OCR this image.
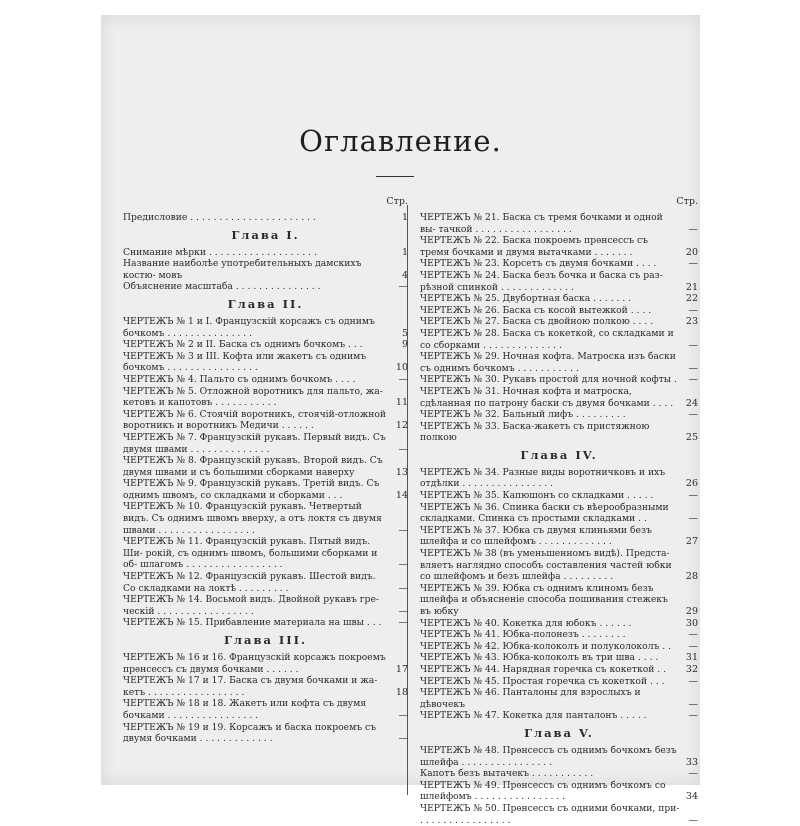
Оглавление.
Стр.
Предисловие . . . . . . . . . . . . . . . . . . . . . .	1
Глава I.
Снимание мѣрки . . . . . . . . . . . . . . . . . . .	1
Название наиболѣе употребительныхъ дамскихъ костю- мовъ	4
Объяснение масштаба . . . . . . . . . . . . . . .	—
Глава II.
ЧЕРТЕЖЪ № 1 и I. Французскій корсажъ съ однимъ бочкомъ . . . . . . . . . . . . . . .	5
ЧЕРТЕЖЪ № 2 и II. Баска съ однимъ бочкомъ . . .	9
ЧЕРТЕЖЪ № 3 и III. Кофта или жакетъ съ однимъ бочкомъ . . . . . . . . . . . . . . . .	10
ЧЕРТЕЖЪ № 4. Пальто съ однимъ бочкомъ . . . .	—
ЧЕРТЕЖЪ № 5. Отложной воротникъ для пальто, жа- кетовъ и капотовъ . . . . . . . . . . .	11
ЧЕРТЕЖЪ № 6. Стоячій воротникъ, стоячій-отложной воротникъ и воротникъ Медичи . . . . . .	12
ЧЕРТЕЖЪ № 7. Французскій рукавъ. Первый видъ. Съ двумя швами . . . . . . . . . . . . . .	—
ЧЕРТЕЖЪ № 8. Французскій рукавъ. Второй видъ. Съ двумя швами и съ большими сборками наверху	13
ЧЕРТЕЖЪ № 9. Французскій рукавъ. Третій видъ. Съ однимъ швомъ, со складками и сборками . . .	14
ЧЕРТЕЖЪ № 10. Французскій рукавъ. Четвертый видъ. Съ однимъ швомъ вверху, а отъ локтя съ двумя швами . . . . . . . . . . . . . . . . .	—
ЧЕРТЕЖЪ № 11. Французскій рукавъ. Пятый видъ. Ши- рокій, съ однимъ швомъ, большими сборками и об- шлагомъ . . . . . . . . . . . . . . . . .	—
ЧЕРТЕЖЪ № 12. Французскій рукавъ. Шестой видъ. Со складками на локтѣ . . . . . . . . .	—
ЧЕРТЕЖЪ № 14. Восьмой видъ. Двойной рукавъ гре- ческій . . . . . . . . . . . . . . . . .	—
ЧЕРТЕЖЪ № 15. Прибавление материала на швы . . .	—
Глава III.
ЧЕРТЕЖЪ № 16 и 16. Французскій корсажъ покроемъ прѳнсессъ съ двумя бочками . . . . . .	17
ЧЕРТЕЖЪ № 17 и 17. Баска съ двумя бочками и жа- кетъ . . . . . . . . . . . . . . . . .	18
ЧЕРТЕЖЪ № 18 и 18. Жакетъ или кофта съ двумя бочками . . . . . . . . . . . . . . . .	—
ЧЕРТЕЖЪ № 19 и 19. Корсажъ и баска покроемъ съ двумя бочками . . . . . . . . . . . . .	—
Стр.
ЧЕРТЕЖЪ № 21. Баска съ тремя бочками и одной вы- тачкой . . . . . . . . . . . . . . . . .	—
ЧЕРТЕЖЪ № 22. Баска покроемъ прѳнсессъ съ тремя бочками и двумя вытачками . . . . . . .	20
ЧЕРТЕЖЪ № 23. Корсетъ съ двумя бочками . . . .	—
ЧЕРТЕЖЪ № 24. Баска безъ бочка и баска съ раз- рѣзной спинкой . . . . . . . . . . . . .	21
ЧЕРТЕЖЪ № 25. Двубортная баска . . . . . . .	22
ЧЕРТЕЖЪ № 26. Баска съ косой вытежкой . . . .	—
ЧЕРТЕЖЪ № 27. Баска съ двойною полкою . . . .	23
ЧЕРТЕЖЪ № 28. Баска съ кокеткой, со складками и со сборками . . . . . . . . . . . . . .	—
ЧЕРТЕЖЪ № 29. Ночная кофта. Матроска изъ баски съ однимъ бочкомъ . . . . . . . . . . .	—
ЧЕРТЕЖЪ № 30. Рукавъ простой для ночной кофты .	—
ЧЕРТЕЖЪ № 31. Ночная кофта и матроска, сдѣланная по патрону баски съ двумя бочками . . . .	24
ЧЕРТЕЖЪ № 32. Бальный лифъ . . . . . . . . .	—
ЧЕРТЕЖЪ № 33. Баска-жакетъ съ пристяжною полкою	25
Глава IV.
ЧЕРТЕЖЪ № 34. Разные виды воротничковъ и ихъ отдѣлки . . . . . . . . . . . . . . . .	26
ЧЕРТЕЖЪ № 35. Капюшонъ со складками . . . . .	—
ЧЕРТЕЖЪ № 36. Спинка баски съ вѣерообразными складками. Спинка съ простыми складками . .	—
ЧЕРТЕЖЪ № 37. Юбка съ двумя клиньями безъ шлейфа и со шлейфомъ . . . . . . . . . . . . .	27
ЧЕРТЕЖЪ № 38 (въ уменьшенномъ видѣ). Предста- вляетъ наглядно способъ составления частей юбки со шлейфомъ и безъ шлейфа . . . . . . . . .	28
ЧЕРТЕЖЪ № 39. Юбка съ однимъ клиномъ безъ шлейфа и объясненіе способа пошивания стежекъ въ юбку	29
ЧЕРТЕЖЪ № 40. Кокетка для юбокъ . . . . . .	30
ЧЕРТЕЖЪ № 41. Юбка-полонезъ . . . . . . . .	—
ЧЕРТЕЖЪ № 42. Юбка-колоколъ и полуколоколъ . .	—
ЧЕРТЕЖЪ № 43. Юбка-колоколъ въ три шва . . . .	31
ЧЕРТЕЖЪ № 44. Нарядная горечка съ кокеткой . .	32
ЧЕРТЕЖЪ № 45. Простая горечка съ кокеткой . . .	—
ЧЕРТЕЖЪ № 46. Панталоны для взрослыхъ и дѣвочекъ	—
ЧЕРТЕЖЪ № 47. Кокетка для панталонъ . . . . .	—
Глава V.
ЧЕРТЕЖЪ № 48. Прѳнсессъ съ однимъ бочкомъ безъ шлейфа . . . . . . . . . . . . . . . .	33
Капотъ безъ вытачекъ . . . . . . . . . . .	—
ЧЕРТЕЖЪ № 49. Прѳнсессъ съ однимъ бочкомъ со шлейфомъ . . . . . . . . . . . . . . . .	34
ЧЕРТЕЖЪ № 50. Прѳнсессъ съ одними бочками, при- . . . . . . . . . . . . . . . .	—
